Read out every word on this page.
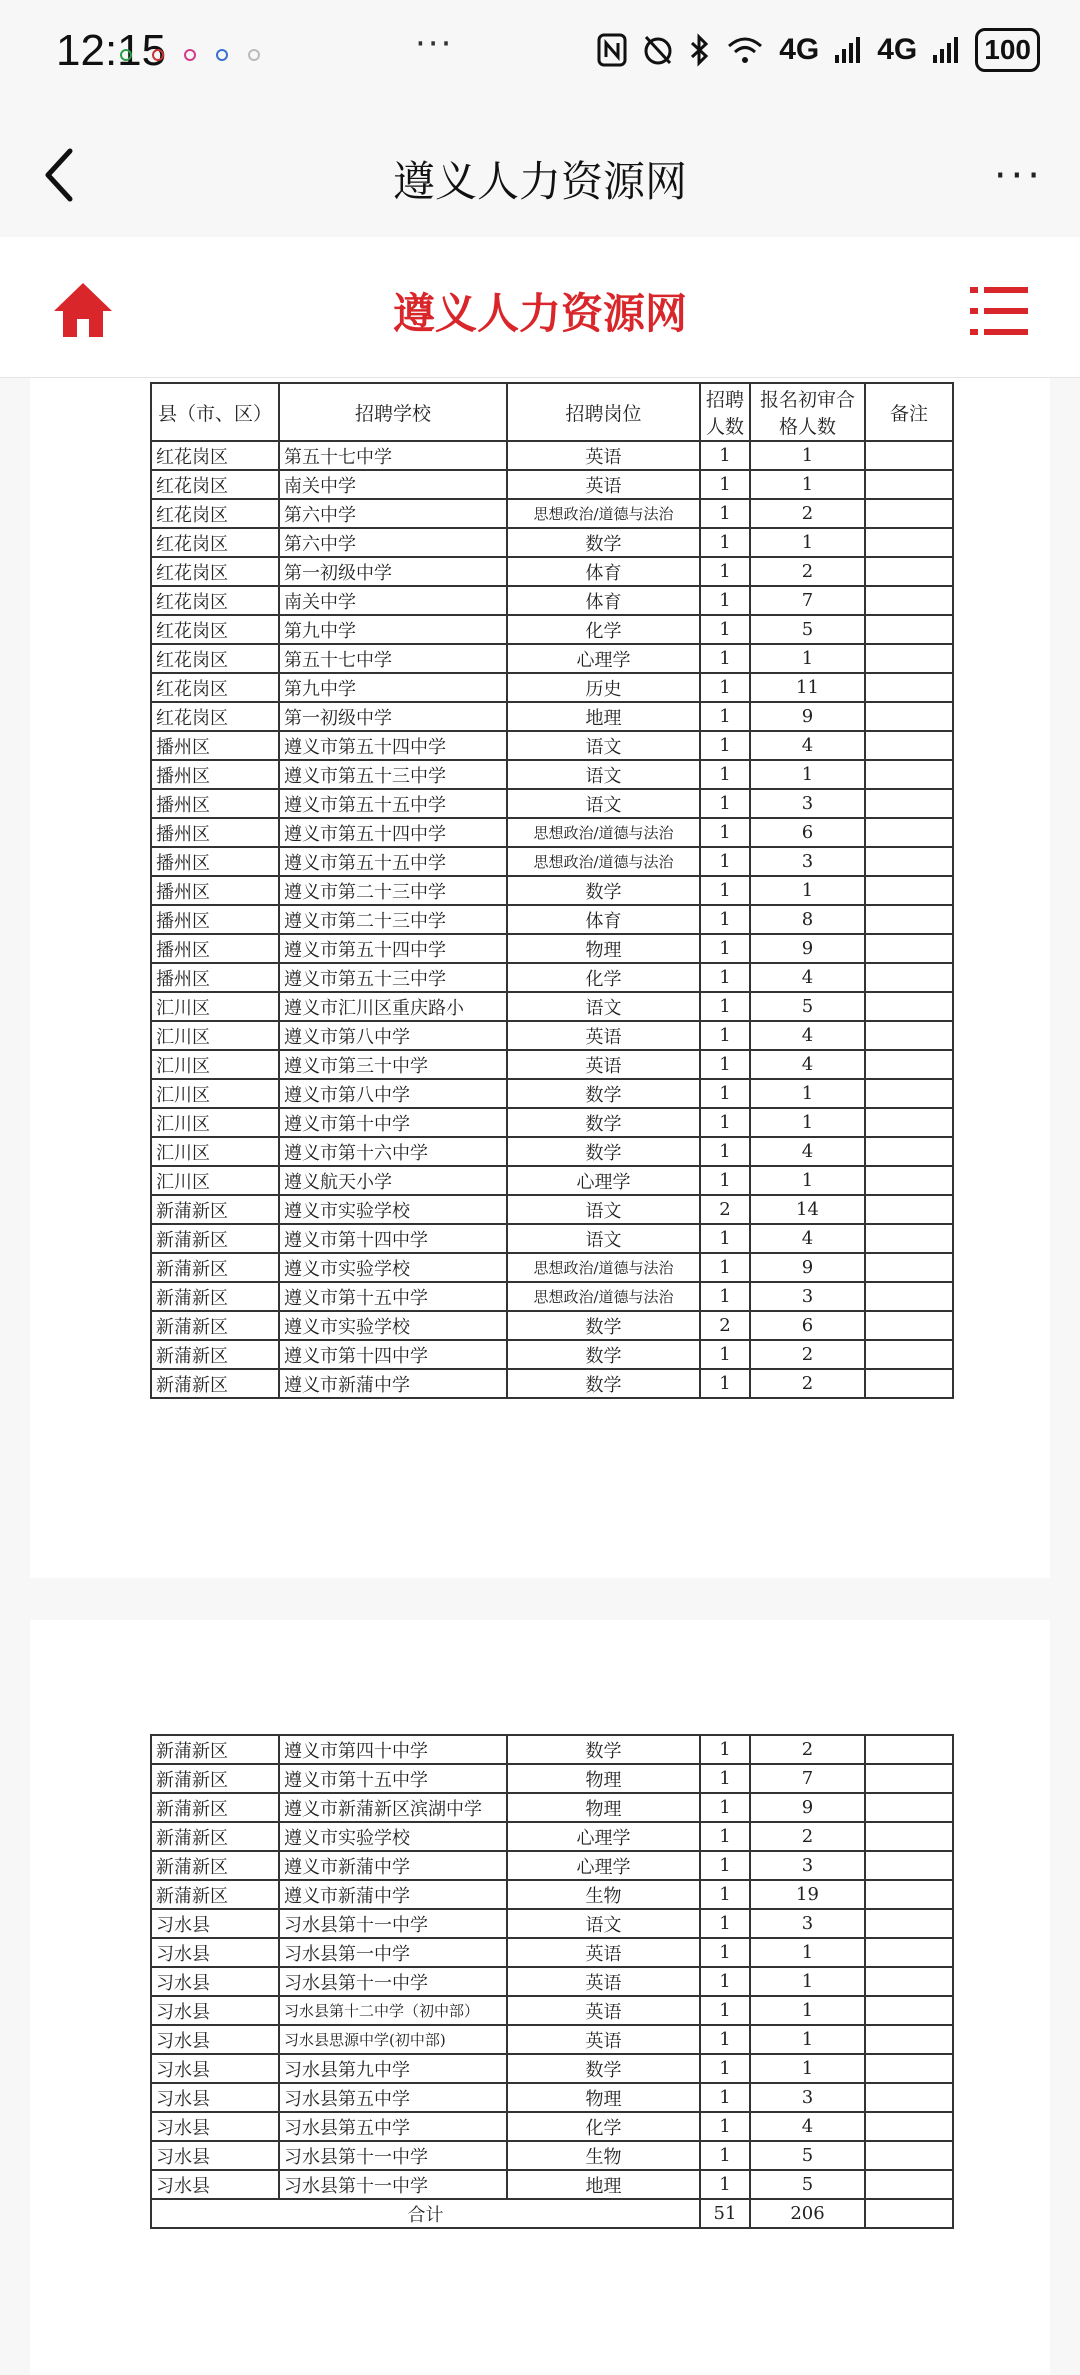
12:15	···	4G 4G	100
遵义人力资源网	···
遵义人力资源网
县（市、区）	招聘学校	招聘岗位	招聘人数	报名初审合格人数	备注
红花岗区	第五十七中学	英语	1	1	
红花岗区	南关中学	英语	1	1	
红花岗区	第六中学	思想政治/道德与法治	1	2	
红花岗区	第六中学	数学	1	1	
红花岗区	第一初级中学	体育	1	2	
红花岗区	南关中学	体育	1	7	
红花岗区	第九中学	化学	1	5	
红花岗区	第五十七中学	心理学	1	1	
红花岗区	第九中学	历史	1	11	
红花岗区	第一初级中学	地理	1	9	
播州区	遵义市第五十四中学	语文	1	4	
播州区	遵义市第五十三中学	语文	1	1	
播州区	遵义市第五十五中学	语文	1	3	
播州区	遵义市第五十四中学	思想政治/道德与法治	1	6	
播州区	遵义市第五十五中学	思想政治/道德与法治	1	3	
播州区	遵义市第二十三中学	数学	1	1	
播州区	遵义市第二十三中学	体育	1	8	
播州区	遵义市第五十四中学	物理	1	9	
播州区	遵义市第五十三中学	化学	1	4	
汇川区	遵义市汇川区重庆路小	语文	1	5	
汇川区	遵义市第八中学	英语	1	4	
汇川区	遵义市第三十中学	英语	1	4	
汇川区	遵义市第八中学	数学	1	1	
汇川区	遵义市第十中学	数学	1	1	
汇川区	遵义市第十六中学	数学	1	4	
汇川区	遵义航天小学	心理学	1	1	
新蒲新区	遵义市实验学校	语文	2	14	
新蒲新区	遵义市第十四中学	语文	1	4	
新蒲新区	遵义市实验学校	思想政治/道德与法治	1	9	
新蒲新区	遵义市第十五中学	思想政治/道德与法治	1	3	
新蒲新区	遵义市实验学校	数学	2	6	
新蒲新区	遵义市第十四中学	数学	1	2	
新蒲新区	遵义市新蒲中学	数学	1	2	
新蒲新区	遵义市第四十中学	数学	1	2	
新蒲新区	遵义市第十五中学	物理	1	7	
新蒲新区	遵义市新蒲新区滨湖中学	物理	1	9	
新蒲新区	遵义市实验学校	心理学	1	2	
新蒲新区	遵义市新蒲中学	心理学	1	3	
新蒲新区	遵义市新蒲中学	生物	1	19	
习水县	习水县第十一中学	语文	1	3	
习水县	习水县第一中学	英语	1	1	
习水县	习水县第十一中学	英语	1	1	
习水县	习水县第十二中学（初中部）	英语	1	1	
习水县	习水县思源中学(初中部)	英语	1	1	
习水县	习水县第九中学	数学	1	1	
习水县	习水县第五中学	物理	1	3	
习水县	习水县第五中学	化学	1	4	
习水县	习水县第十一中学	生物	1	5	
习水县	习水县第十一中学	地理	1	5	
合计			51	206	
